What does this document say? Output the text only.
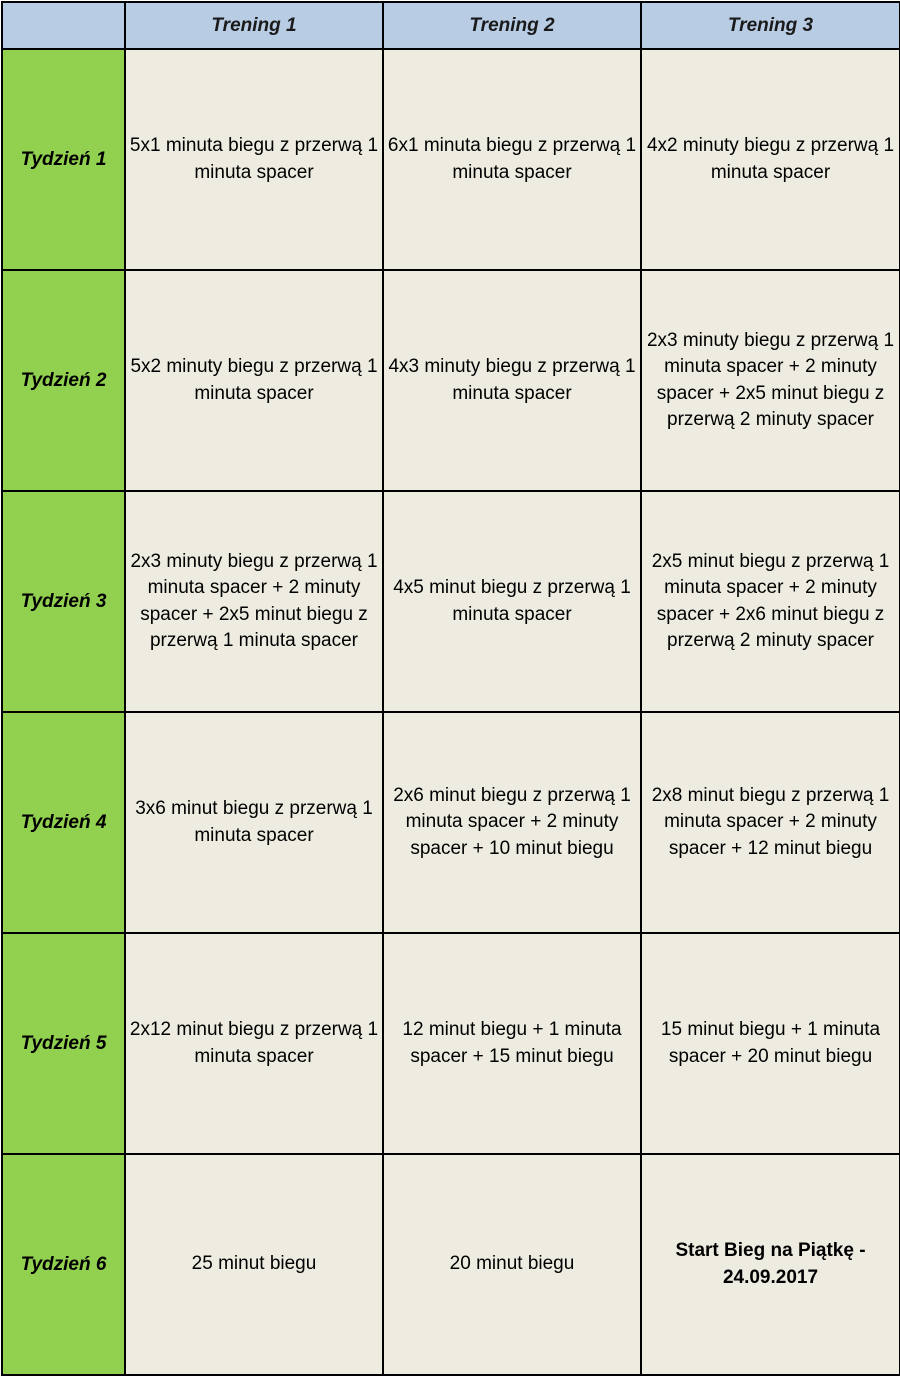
	Trening 1	Trening 2	Trening 3
Tydzień 1	5x1 minuta biegu z przerwą 1 minuta spacer	6x1 minuta biegu z przerwą 1 minuta spacer	4x2 minuty biegu z przerwą 1 minuta spacer
Tydzień 2	5x2 minuty biegu z przerwą 1 minuta spacer	4x3 minuty biegu z przerwą 1 minuta spacer	2x3 minuty biegu z przerwą 1 minuta spacer + 2 minuty spacer + 2x5 minut biegu z przerwą 2 minuty spacer
Tydzień 3	2x3 minuty biegu z przerwą 1 minuta spacer + 2 minuty spacer + 2x5 minut biegu z przerwą 1 minuta spacer	4x5 minut biegu z przerwą 1 minuta spacer	2x5 minut biegu z przerwą 1 minuta spacer + 2 minuty spacer + 2x6 minut biegu z przerwą 2 minuty spacer
Tydzień 4	3x6 minut biegu z przerwą 1 minuta spacer	2x6 minut biegu z przerwą 1 minuta spacer + 2 minuty spacer + 10 minut biegu	2x8 minut biegu z przerwą 1 minuta spacer + 2 minuty spacer + 12 minut biegu
Tydzień 5	2x12 minut biegu z przerwą 1 minuta spacer	12 minut biegu + 1 minuta spacer + 15 minut biegu	15 minut biegu + 1 minuta spacer + 20 minut biegu
Tydzień 6	25 minut biegu	20 minut biegu	Start Bieg na Piątkę - 24.09.2017
